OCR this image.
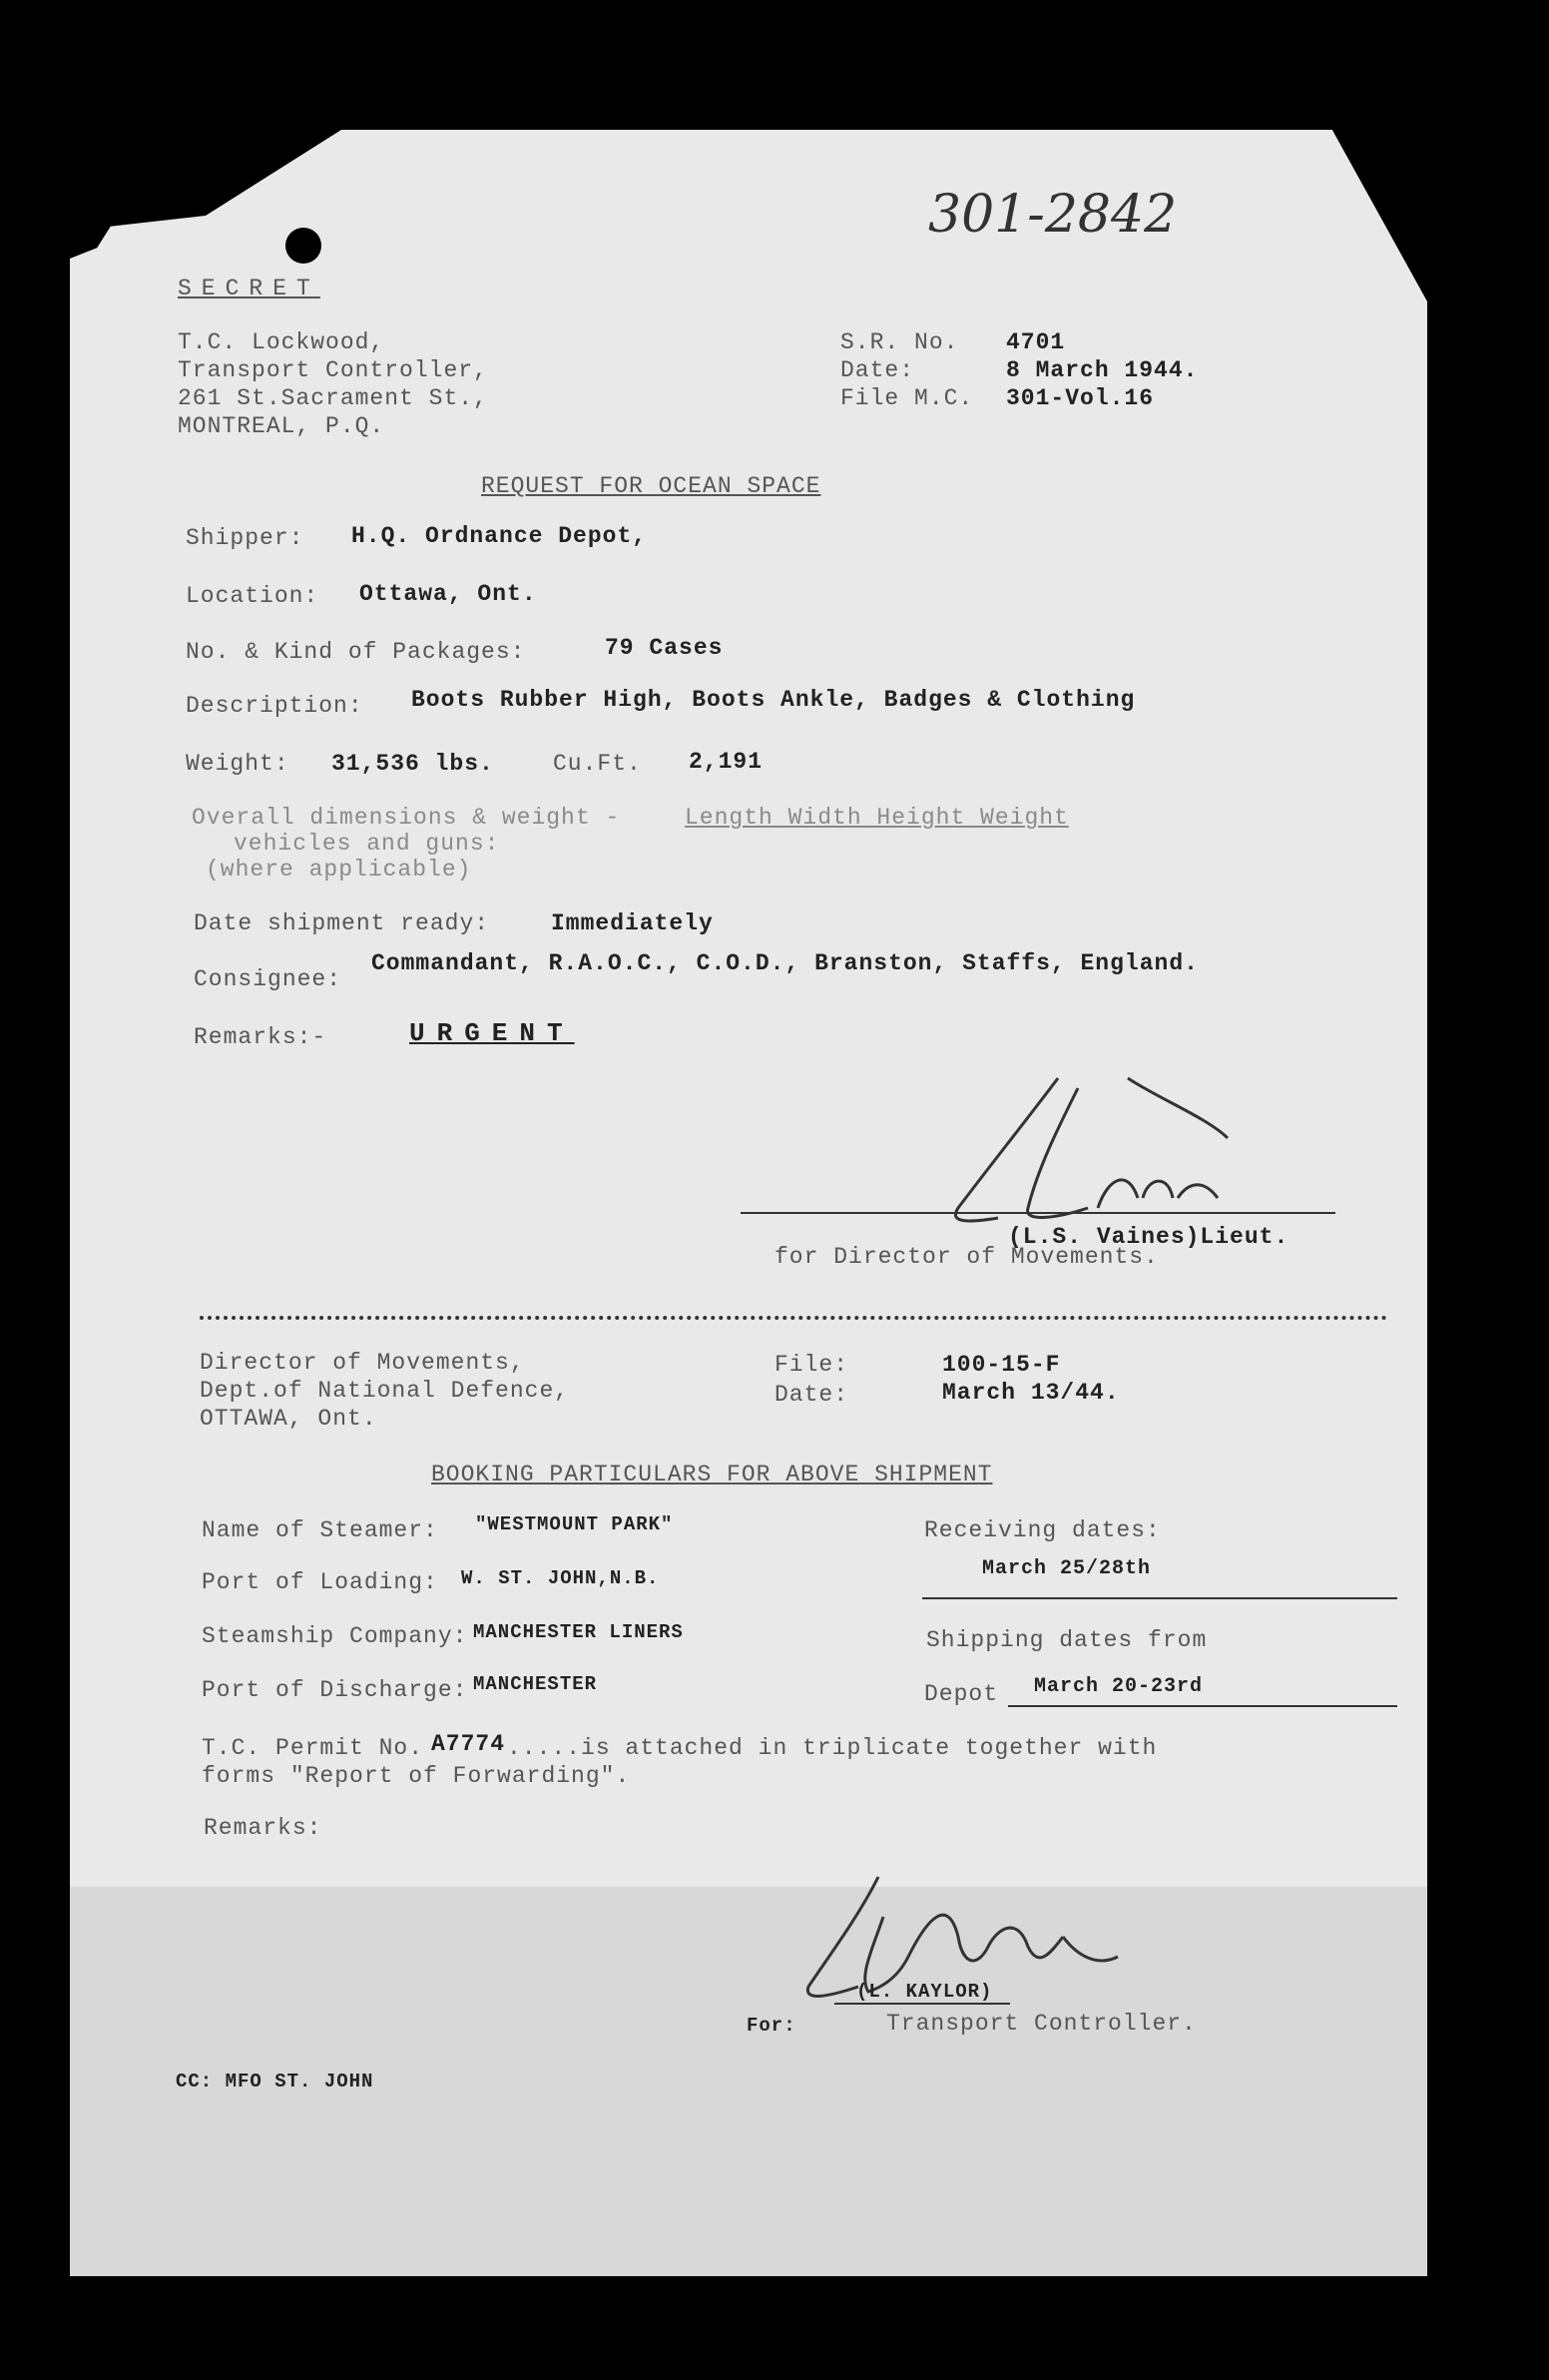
301-2842
SECRET
T.C. Lockwood,
Transport Controller,
261 St.Sacrament St.,
MONTREAL, P.Q.
S.R. No. 4701
Date:	8 March 1944.
File M.C. 301-Vol.16
REQUEST FOR OCEAN SPACE
Shipper: H.Q. Ordnance Depot,
Location: Ottawa, Ont.
No. & Kind of Packages:	79 Cases
Description: Boots Rubber High, Boots Ankle, Badges & Clothing
Weight: 31,536 lbs.	Cu.Ft. 2,191
Overall dimensions & weight - Length Width Height Weight
vehicles and guns:
(where applicable)
Date shipment ready:	Immediately
Consignee:
Commandant, R.A.O.C., C.O.D., Branston, Staffs, England.
Remarks:-	URGENT
(L.S. Vaines)Lieut.
for Director of Movements.
Director of Movements,
Dept.of National Defence,
OTTAWA, Ont.
File:	100-15-F
Date:	March 13/44.
BOOKING PARTICULARS FOR ABOVE SHIPMENT
Name of Steamer: "WESTMOUNT PARK"	Receiving dates:
Port of Loading: W. ST. JOHN,N.B.	March 25/28th
Steamship Company: MANCHESTER LINERS	Shipping dates from
Port of Discharge: MANCHESTER	Depot March 20-23rd
T.C. Permit No. A7774 .....is attached in triplicate together with
forms "Report of Forwarding".
Remarks:
(L. KAYLOR)
For:	Transport Controller.
CC: MFO ST. JOHN
